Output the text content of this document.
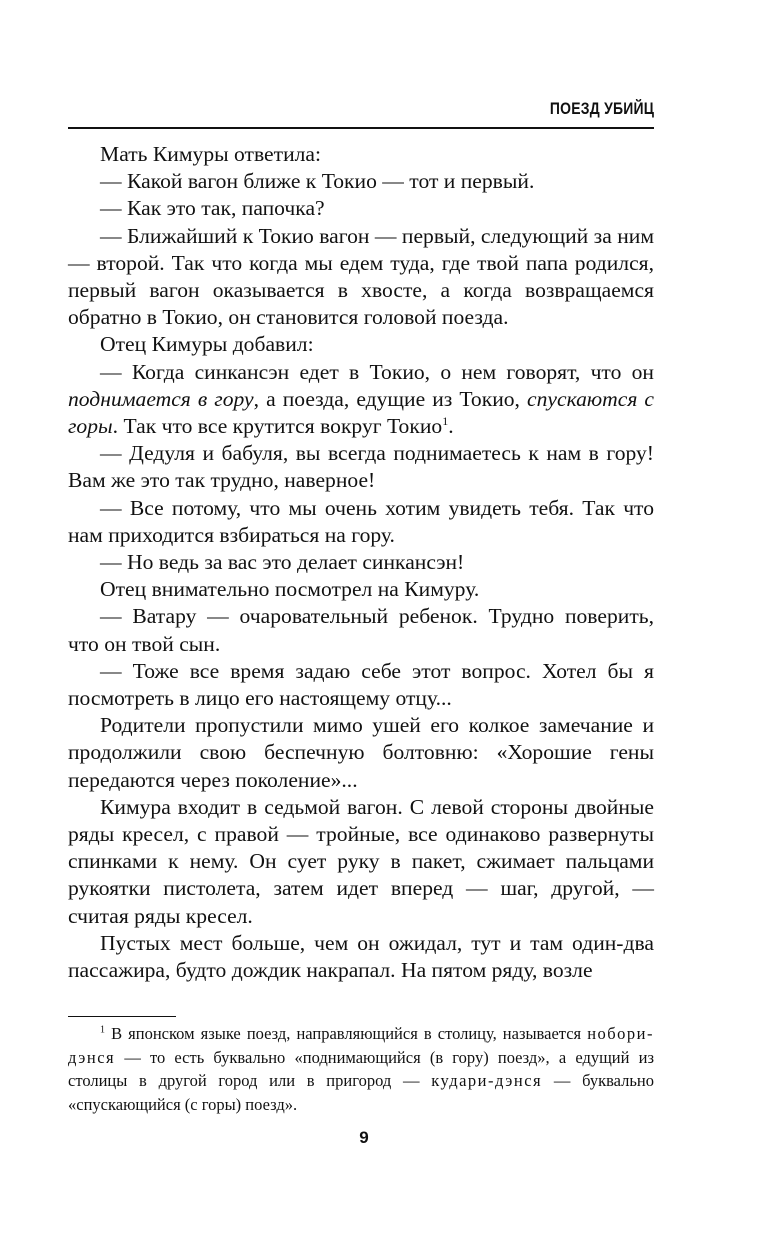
ПОЕЗД УБИЙЦ

Мать Кимуры ответила:

— Какой вагон ближе к Токио — тот и первый.

— Как это так, папочка?

— Ближайший к Токио вагон — первый, следующий за ним — второй. Так что когда мы едем туда, где твой папа родился, первый вагон оказывается в хвосте, а когда возвращаемся обратно в Токио, он становится головой поезда.

Отец Кимуры добавил:

— Когда синкансэн едет в Токио, о нем говорят, что он поднимается в гору, а поезда, едущие из Токио, спускаются с горы. Так что все крутится вокруг Токио$^1$.

— Дедуля и бабуля, вы всегда поднимаетесь к нам в гору! Вам же это так трудно, наверное!

— Все потому, что мы очень хотим увидеть тебя. Так что нам приходится взбираться на гору.

— Но ведь за вас это делает синкансэн!

Отец внимательно посмотрел на Кимуру.

— Ватару — очаровательный ребенок. Трудно поверить, что он твой сын.

— Тоже все время задаю себе этот вопрос. Хотел бы я посмотреть в лицо его настоящему отцу...

Родители пропустили мимо ушей его колкое замечание и продолжили свою беспечную болтовню: «Хорошие гены передаются через поколение»...

Кимура входит в седьмой вагон. С левой стороны двойные ряды кресел, с правой — тройные, все одинаково развернуты спинками к нему. Он сует руку в пакет, сжимает пальцами рукоятки пистолета, затем идет вперед — шаг, другой, — считая ряды кресел.

Пустых мест больше, чем он ожидал, тут и там один-два пассажира, будто дождик накрапал. На пятом ряду, возле

$^1$ В японском языке поезд, направляющийся в столицу, называется нобори-дэнся — то есть буквально «поднимающийся (в гору) поезд», а едущий из столицы в другой город или в пригород — кудари-дэнся — буквально «спускающийся (с горы) поезд».

9
